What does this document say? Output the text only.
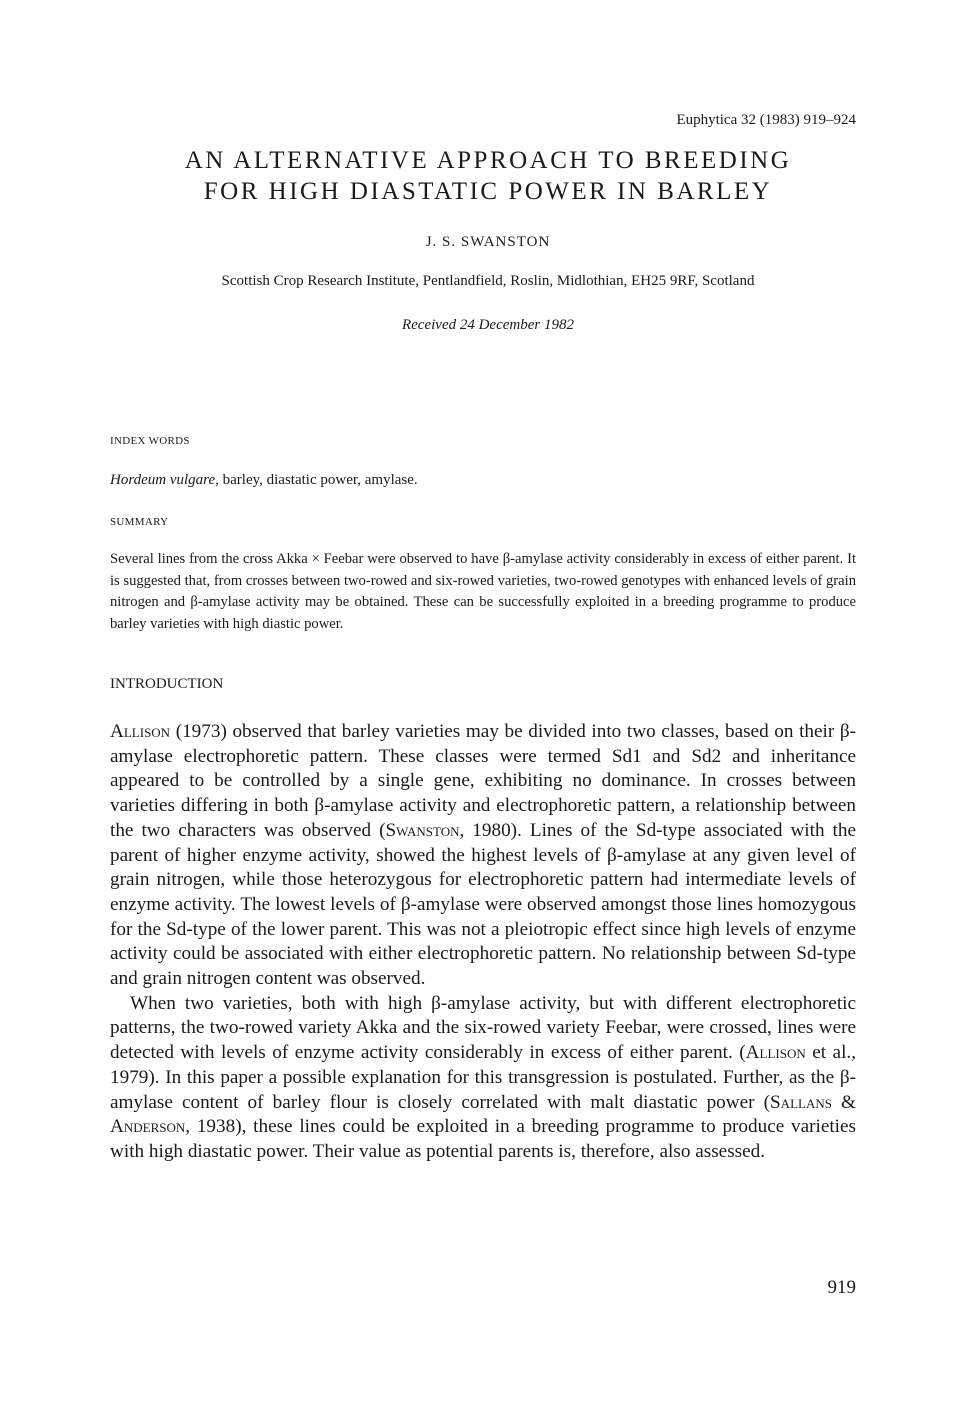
Euphytica 32 (1983) 919–924
AN ALTERNATIVE APPROACH TO BREEDING
FOR HIGH DIASTATIC POWER IN BARLEY
J. S. SWANSTON
Scottish Crop Research Institute, Pentlandfield, Roslin, Midlothian, EH25 9RF, Scotland
Received 24 December 1982
INDEX WORDS
Hordeum vulgare, barley, diastatic power, amylase.
SUMMARY
Several lines from the cross Akka × Feebar were observed to have β-amylase activity considerably in excess of either parent. It is suggested that, from crosses between two-rowed and six-rowed varieties, two-rowed genotypes with enhanced levels of grain nitrogen and β-amylase activity may be obtained. These can be successfully exploited in a breeding programme to produce barley varieties with high diastic power.
INTRODUCTION

Allison (1973) observed that barley varieties may be divided into two classes, based on their β-amylase electrophoretic pattern. These classes were termed Sd1 and Sd2 and inheritance appeared to be controlled by a single gene, exhibiting no dominance. In crosses between varieties differing in both β-amylase activity and electrophoretic pattern, a relationship between the two characters was observed (Swanston, 1980). Lines of the Sd-type associated with the parent of higher enzyme activity, showed the highest levels of β-amylase at any given level of grain nitrogen, while those heterozygous for electrophoretic pattern had intermediate levels of enzyme activity. The lowest levels of β-amylase were observed amongst those lines homozygous for the Sd-type of the lower parent. This was not a pleiotropic effect since high levels of enzyme activity could be associated with either electrophoretic pattern. No relationship between Sd-type and grain nitrogen content was observed.

When two varieties, both with high β-amylase activity, but with different electrophoretic patterns, the two-rowed variety Akka and the six-rowed variety Feebar, were crossed, lines were detected with levels of enzyme activity considerably in excess of either parent. (Allison et al., 1979). In this paper a possible explanation for this transgression is postulated. Further, as the β-amylase content of barley flour is closely correlated with malt diastatic power (Sallans & Anderson, 1938), these lines could be exploited in a breeding programme to produce varieties with high diastatic power. Their value as potential parents is, therefore, also assessed.

919
